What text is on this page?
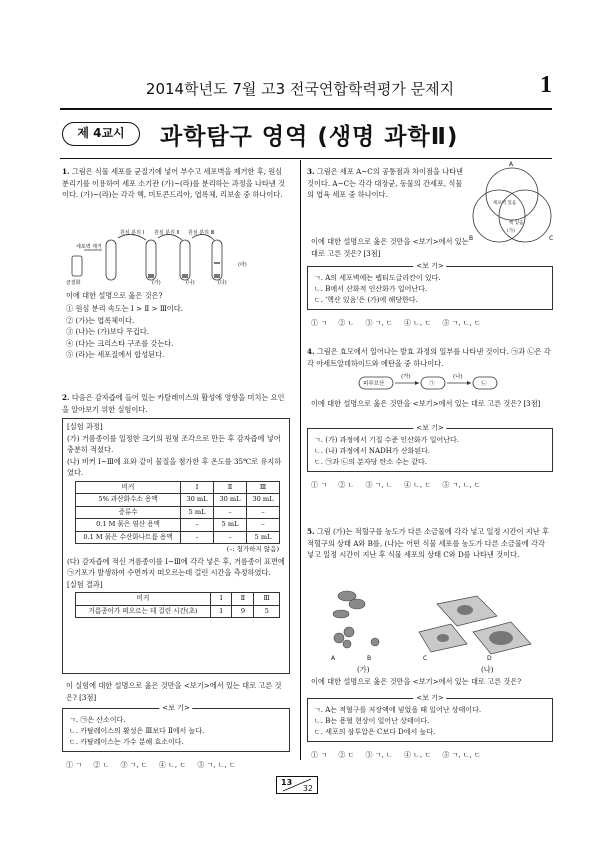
2014학년도 7월 고3 전국연합학력평가 문제지	1
제 4교시	과학탐구 영역 (생명 과학Ⅱ)
1. 그림은 식물 세포를 균질기에 넣어 부수고 세포벽을 제거한 후, 원심 분리기를 이용하여 세포 소기관 (가)~(라)를 분리하는 과정을 나타낸 것이다. (가)~(라)는 각각 핵, 미토콘드리아, 엽록체, 리보솜 중 하나이다.
원심 분리 Ⅰ 원심 분리 Ⅱ 원심 분리 Ⅲ
세포벽 제거
균질화	(가)	(나)	(다)
(라)
이에 대한 설명으로 옳은 것은?
① 원심 분리 속도는 Ⅰ > Ⅱ > Ⅲ이다.
② (가)는 엽록체이다.
③ (나)는 (가)보다 무겁다.
④ (다)는 크리스타 구조를 갖는다.
⑤ (라)는 세포질에서 합성된다.
2. 다음은 감자즙에 들어 있는 카탈레이스의 활성에 영향을 미치는 요인을 알아보기 위한 실험이다.
[실험 과정]
(가) 거름종이를 일정한 크기의 원형 조각으로 만든 후 감자즙에 넣어 충분히 적셨다.
(나) 비커 Ⅰ~Ⅲ에 표와 같이 물질을 첨가한 후 온도를 35℃로 유지하였다.
비커	Ⅰ	Ⅱ	Ⅲ
5% 과산화수소 용액	30 mL	30 mL	30 mL
증류수	5 mL	–	–
0.1 M 묽은 염산 용액	–	5 mL	–
0.1 M 묽은 수산화나트륨 용액	–	–	5 mL
(–: 첨가하지 않음)
(다) 감자즙에 적신 거름종이를 Ⅰ~Ⅲ에 각각 넣은 후, 거름종이 표면에 ㉠기포가 발생하여 수면까지 떠오르는데 걸린 시간을 측정하였다.
[실험 결과]
비커	Ⅰ	Ⅱ	Ⅲ
거름종이가 떠오르는 데 걸린 시간(초)	1	9	5
이 실험에 대한 설명으로 옳은 것만을 <보기>에서 있는 대로 고른 것은? [3점]
<보 기>
ㄱ. ㉠은 산소이다.
ㄴ. 카탈레이스의 활성은 Ⅲ보다 Ⅱ에서 높다.
ㄷ. 카탈레이스는 가수 분해 효소이다.
① ㄱ ② ㄴ ③ ㄱ, ㄷ ④ ㄴ, ㄷ ⑤ ㄱ, ㄴ, ㄷ
3. 그림은 세포 A~C의 공통점과 차이점을 나타낸 것이다. A~C는 각각 대장균, 동물의 간세포, 식물의 엽육 세포 중 하나이다.
A
B	C
세포벽 있음
핵 있음
(가)
이에 대한 설명으로 옳은 것만을 <보기>에서 있는 대로 고른 것은? [3점]
<보 기>
ㄱ. A의 세포벽에는 펩티도글리칸이 있다.
ㄴ. B에서 산화적 인산화가 일어난다.
ㄷ. '핵산 있음'은 (가)에 해당한다.
① ㄱ ② ㄴ ③ ㄱ, ㄷ ④ ㄴ, ㄷ ⑤ ㄱ, ㄴ, ㄷ
4. 그림은 효모에서 일어나는 발효 과정의 일부를 나타낸 것이다. ㉠과 ㉡은 각각 아세트알데하이드와 에탄올 중 하나이다.
피루브산
(가)	(나)
㉠	㉡
이에 대한 설명으로 옳은 것만을 <보기>에서 있는 대로 고른 것은? [3점]
<보 기>
ㄱ. (가) 과정에서 기질 수준 인산화가 일어난다.
ㄴ. (나) 과정에서 NADH가 산화된다.
ㄷ. ㉠과 ㉡의 분자당 탄소 수는 같다.
① ㄱ ② ㄴ ③ ㄱ, ㄴ ④ ㄴ, ㄷ ⑤ ㄱ, ㄴ, ㄷ
5. 그림 (가)는 적혈구를 농도가 다른 소금물에 각각 넣고 일정 시간이 지난 후 적혈구의 상태 A와 B를, (나)는 어떤 식물 세포를 농도가 다른 소금물에 각각 넣고 일정 시간이 지난 후 식물 세포의 상태 C와 D를 나타낸 것이다.
A	B	C	D
(가)	(나)
이에 대한 설명으로 옳은 것만을 <보기>에서 있는 대로 고른 것은?
<보 기>
ㄱ. A는 적혈구를 저장액에 넣었을 때 일어난 상태이다.
ㄴ. B는 용혈 현상이 일어난 상태이다.
ㄷ. 세포의 삼투압은 C보다 D에서 높다.
① ㄱ ② ㄷ ③ ㄱ, ㄴ ④ ㄴ, ㄷ ⑤ ㄱ, ㄴ, ㄷ
13
32
